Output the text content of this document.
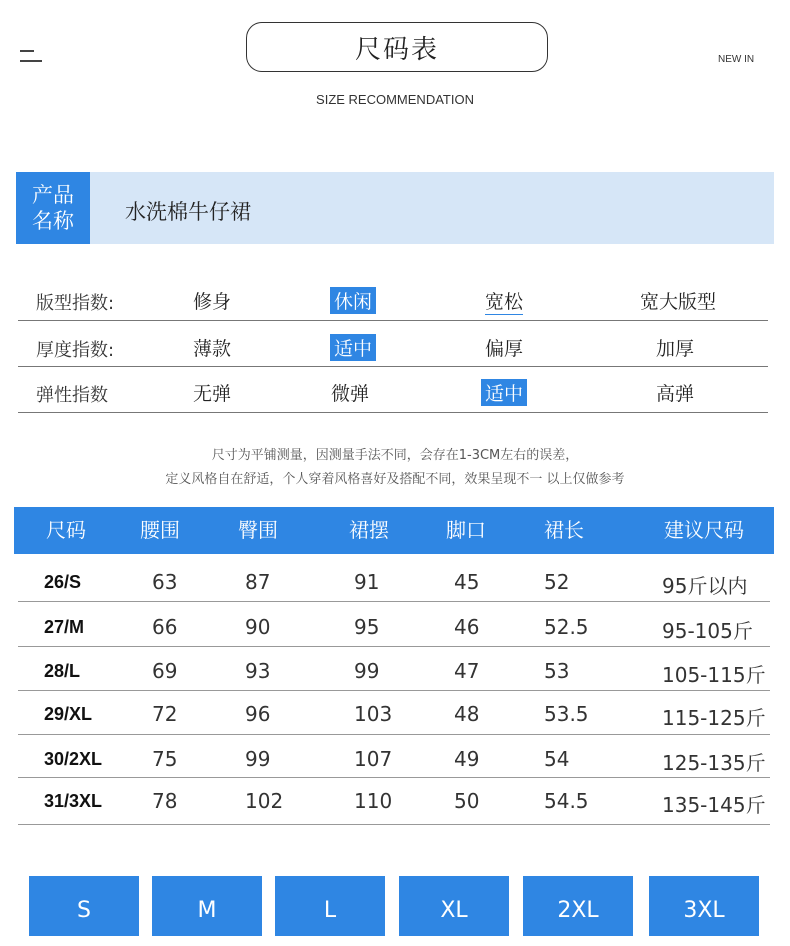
尺码表	NEW IN
SIZE RECOMMENDATION
产品
名称 水洗棉牛仔裙
版型指数:	修身	休闲	宽松	宽大版型
厚度指数:	薄款	适中	偏厚	加厚
弹性指数	无弹	微弹	适中	高弹
尺寸为平铺测量，因测量手法不同，会存在1-3CM左右的误差，
定义风格自在舒适，个人穿着风格喜好及搭配不同，效果呈现不一 以上仅做参考
尺码	腰围	臀围	裙摆	脚口	裙长	建议尺码
26/S	63	87	91	45	52	95斤以内
27/M	66	90	95	46	52.5	95-105斤
28/L	69	93	99	47	53	105-115斤
29/XL	72	96	103	48	53.5	115-125斤
30/2XL 75	99	107	49	54	125-135斤
31/3XL 78	102	110	50	54.5	135-145斤
S	M	L	XL	2XL	3XL
